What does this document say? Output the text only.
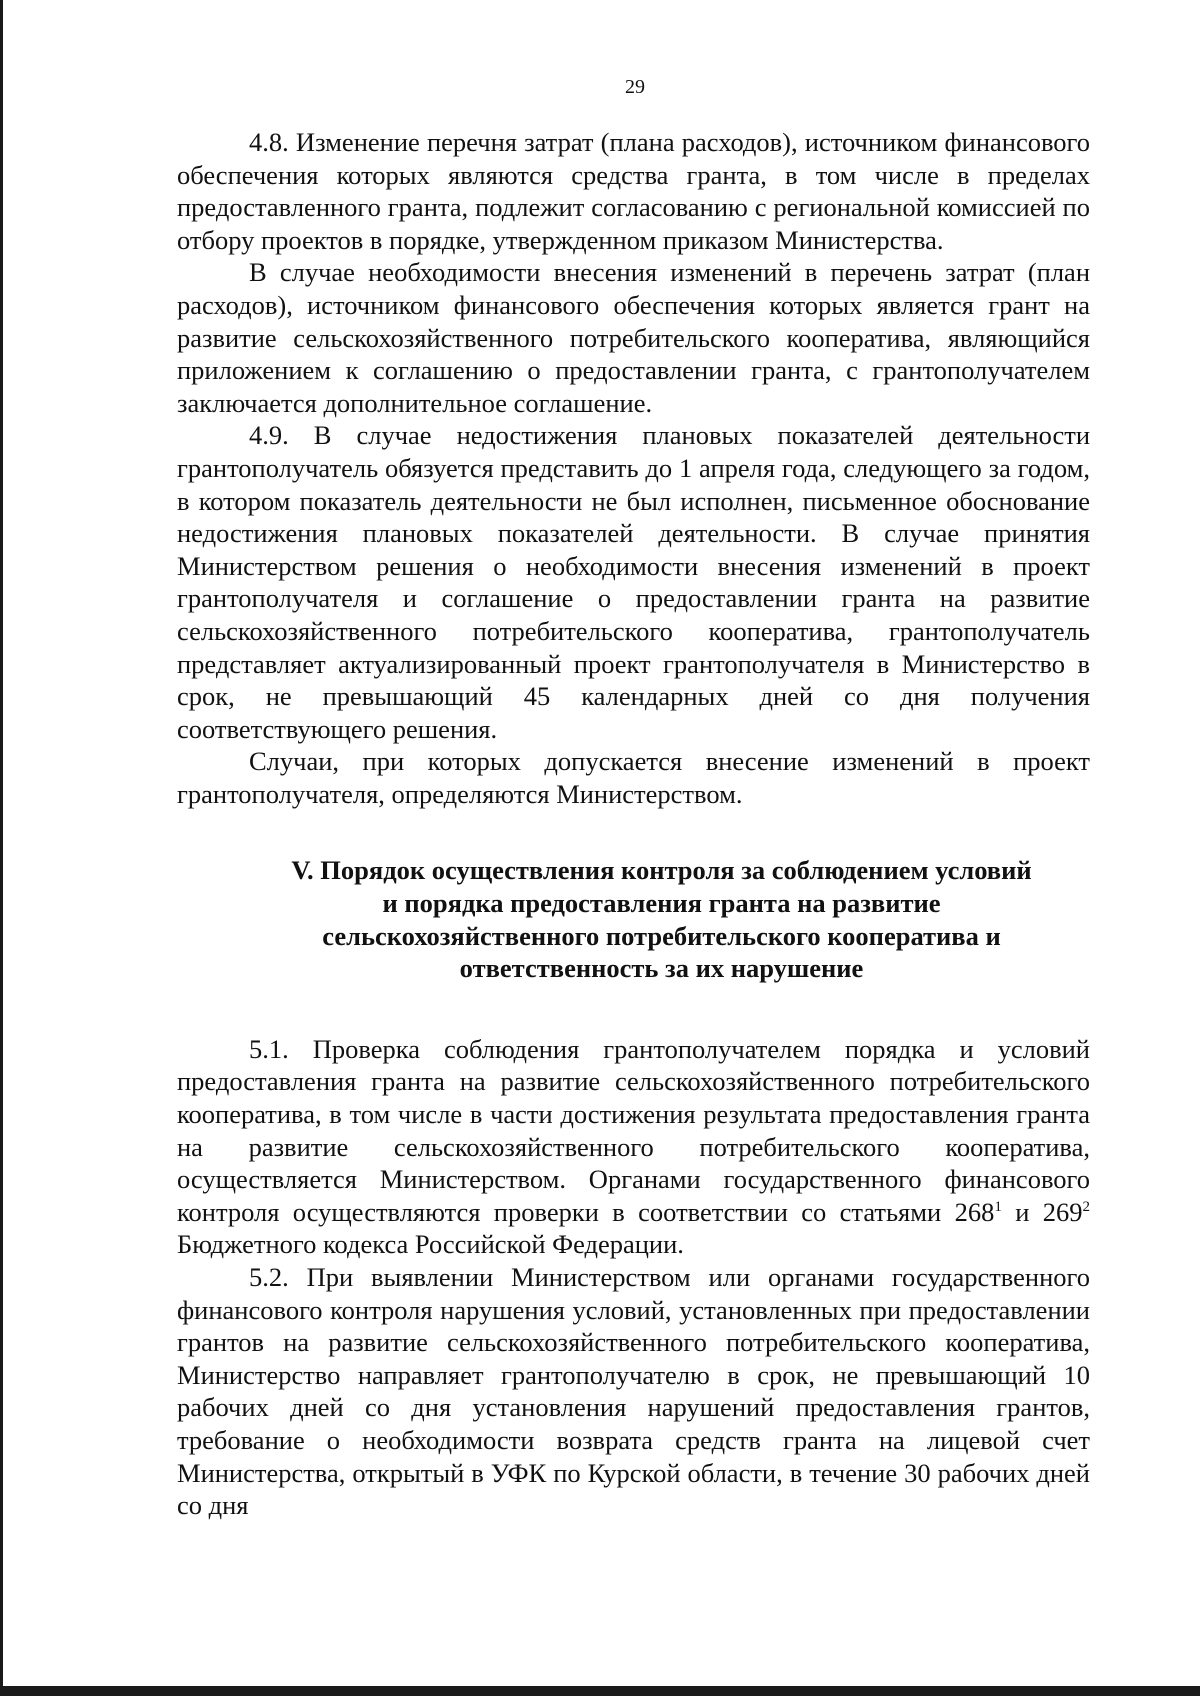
29

4.8. Изменение перечня затрат (плана расходов), источником финансового обеспечения которых являются средства гранта, в том числе в пределах предоставленного гранта, подлежит согласованию с региональной комиссией по отбору проектов в порядке, утвержденном приказом Министерства.

В случае необходимости внесения изменений в перечень затрат (план расходов), источником финансового обеспечения которых является грант на развитие сельскохозяйственного потребительского кооператива, являющийся приложением к соглашению о предоставлении гранта, с грантополучателем заключается дополнительное соглашение.

4.9. В случае недостижения плановых показателей деятельности грантополучатель обязуется представить до 1 апреля года, следующего за годом, в котором показатель деятельности не был исполнен, письменное обоснование недостижения плановых показателей деятельности. В случае принятия Министерством решения о необходимости внесения изменений в проект грантополучателя и соглашение о предоставлении гранта на развитие сельскохозяйственного потребительского кооператива, грантополучатель представляет актуализированный проект грантополучателя в Министерство в срок, не превышающий 45 календарных дней со дня получения соответствующего решения.

Случаи, при которых допускается внесение изменений в проект грантополучателя, определяются Министерством.

V. Порядок осуществления контроля за соблюдением условий
и порядка предоставления гранта на развитие
сельскохозяйственного потребительского кооператива и
ответственность за их нарушение

5.1. Проверка соблюдения грантополучателем порядка и условий предоставления гранта на развитие сельскохозяйственного потребительского кооператива, в том числе в части достижения результата предоставления гранта на развитие сельскохозяйственного потребительского кооператива, осуществляется Министерством. Органами государственного финансового контроля осуществляются проверки в соответствии со статьями $268^1$ и $269^2$ Бюджетного кодекса Российской Федерации.

5.2. При выявлении Министерством или органами государственного финансового контроля нарушения условий, установленных при предоставлении грантов на развитие сельскохозяйственного потребительского кооператива, Министерство направляет грантополучателю в срок, не превышающий 10 рабочих дней со дня установления нарушений предоставления грантов, требование о необходимости возврата средств гранта на лицевой счет Министерства, открытый в УФК по Курской области, в течение 30 рабочих дней со дня
